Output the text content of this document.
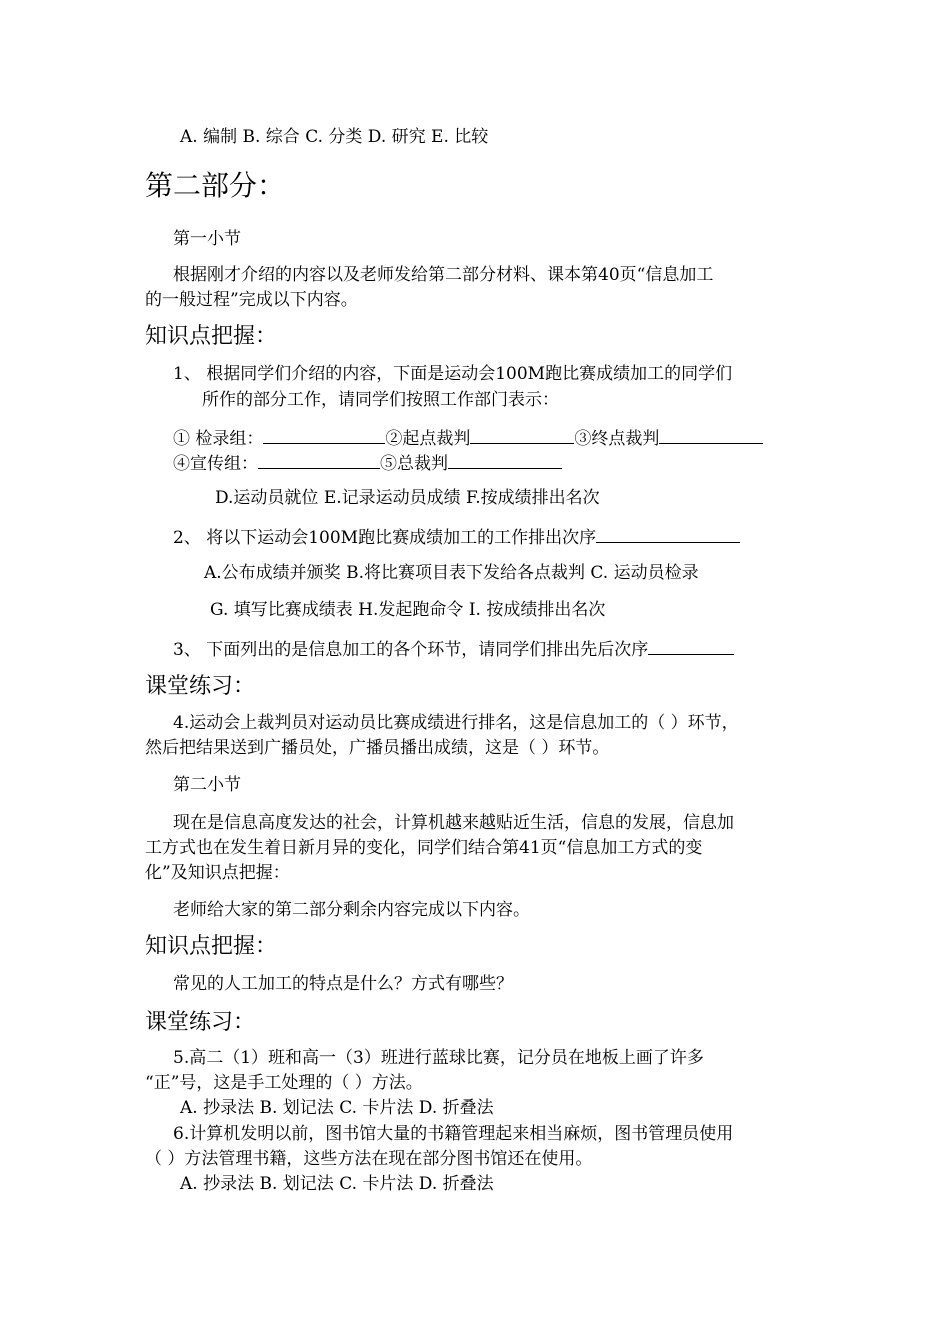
A. 编制 B. 综合 C. 分类 D. 研究 E. 比较
第二部分：
第一小节
根据刚才介绍的内容以及老师发给第二部分材料、课本第40页“信息加工
的一般过程”完成以下内容。
知识点把握：
1、 根据同学们介绍的内容，下面是运动会100M跑比赛成绩加工的同学们
所作的部分工作，请同学们按照工作部门表示：
① 检录组：	②起点裁判	③终点裁判
④宣传组：	⑤总裁判
D.运动员就位 E.记录运动员成绩 F.按成绩排出名次
2、 将以下运动会100M跑比赛成绩加工的工作排出次序
A.公布成绩并颁奖 B.将比赛项目表下发给各点裁判 C. 运动员检录
G. 填写比赛成绩表 H.发起跑命令 I. 按成绩排出名次
3、 下面列出的是信息加工的各个环节，请同学们排出先后次序
课堂练习：
4.运动会上裁判员对运动员比赛成绩进行排名，这是信息加工的（ ）环节，
然后把结果送到广播员处，广播员播出成绩，这是（ ）环节。
第二小节
现在是信息高度发达的社会，计算机越来越贴近生活，信息的发展，信息加
工方式也在发生着日新月异的变化，同学们结合第41页“信息加工方式的变
化”及知识点把握：
老师给大家的第二部分剩余内容完成以下内容。
知识点把握：
常见的人工加工的特点是什么？方式有哪些？
课堂练习：
5.高二（1）班和高一（3）班进行蓝球比赛，记分员在地板上画了许多
“正”号，这是手工处理的（ ）方法。
A. 抄录法 B. 划记法 C. 卡片法 D. 折叠法
6.计算机发明以前，图书馆大量的书籍管理起来相当麻烦，图书管理员使用
（ ）方法管理书籍，这些方法在现在部分图书馆还在使用。
A. 抄录法 B. 划记法 C. 卡片法 D. 折叠法
